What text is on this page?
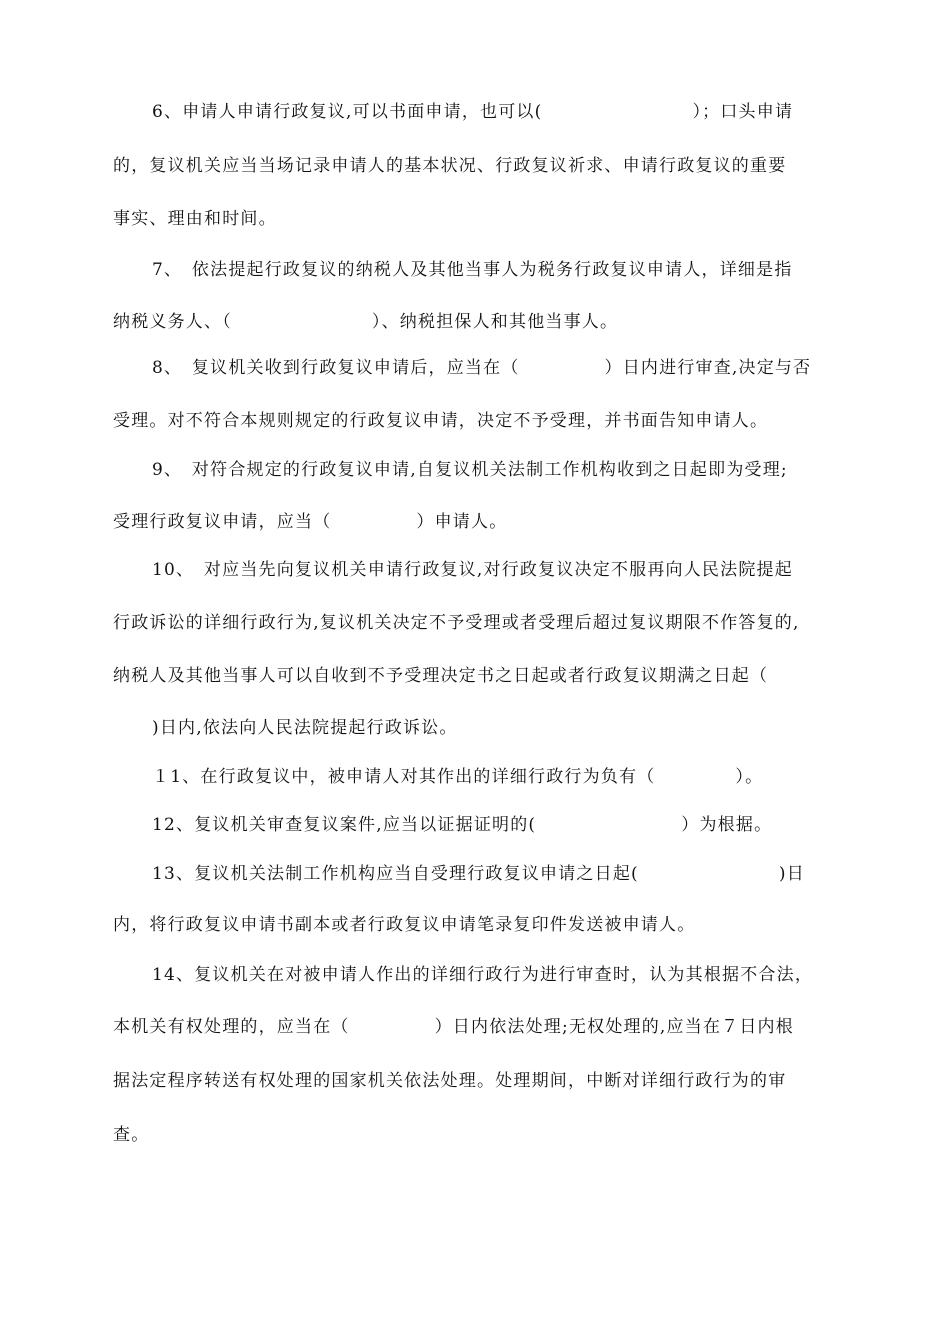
6、申请人申请行政复议,可以书面申请，也可以(	）；口头申请
的，复议机关应当当场记录申请人的基本状况、行政复议祈求、申请行政复议的重要
事实、理由和时间。
7、　依法提起行政复议的纳税人及其他当事人为税务行政复议申请人，详细是指
纳税义务人、（	）、纳税担保人和其他当事人。
8、　复议机关收到行政复议申请后，应当在（	）日内进行审查,决定与否
受理。对不符合本规则规定的行政复议申请，决定不予受理，并书面告知申请人。
9、　对符合规定的行政复议申请,自复议机关法制工作机构收到之日起即为受理;
受理行政复议申请，应当（	）申请人。
10、　对应当先向复议机关申请行政复议,对行政复议决定不服再向人民法院提起
行政诉讼的详细行政行为,复议机关决定不予受理或者受理后超过复议期限不作答复的,
纳税人及其他当事人可以自收到不予受理决定书之日起或者行政复议期满之日起（
)日内,依法向人民法院提起行政诉讼。
１1、在行政复议中，被申请人对其作出的详细行政行为负有（	）。
12、复议机关审查复议案件,应当以证据证明的(	）为根据。
13、复议机关法制工作机构应当自受理行政复议申请之日起(	)日
内，将行政复议申请书副本或者行政复议申请笔录复印件发送被申请人。
14、复议机关在对被申请人作出的详细行政行为进行审查时，认为其根据不合法，
本机关有权处理的，应当在（	）日内依法处理;无权处理的,应当在７日内根
据法定程序转送有权处理的国家机关依法处理。处理期间，中断对详细行政行为的审
查。
